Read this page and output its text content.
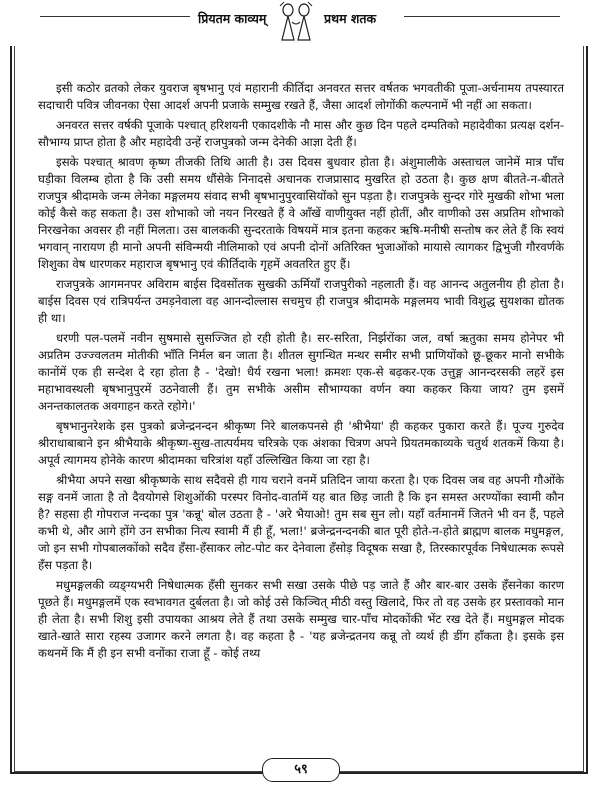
प्रियतम काव्यम्	प्रथम शतक

इसी कठोर व्रतको लेकर युवराज बृषभानु एवं महारानी कीर्तिदा अनवरत सत्तर वर्षतक भगवतीकी पूजा-अर्चनामय तपस्यारत सदाचारी पवित्र जीवनका ऐसा आदर्श अपनी प्रजाके सम्मुख रखते हैं, जैसा आदर्श लोगोंकी कल्पनामें भी नहीं आ सकता।

अनवरत सत्तर वर्षकी पूजाके पश्चात् हरिशयनी एकादशीके नौ मास और कुछ दिन पहले दम्पतिको महादेवीका प्रत्यक्ष दर्शन-सौभाग्य प्राप्त होता है और महादेवी उन्हें राजपुत्रको जन्म देनेकी आज्ञा देती हैं।

इसके पश्चात् श्रावण कृष्ण तीजकी तिथि आती है। उस दिवस बुधवार होता है। अंशुमालीके अस्ताचल जानेमें मात्र पाँच घड़ीका विलम्ब होता है कि उसी समय धौंसेके निनादसे अचानक राजप्रासाद मुखरित हो उठता है। कुछ क्षण बीतते-न-बीतते राजपुत्र श्रीदामके जन्म लेनेका मङ्गलमय संवाद सभी बृषभानुपुरवासियोंको सुन पड़ता है। राजपुत्रके सुन्दर गोरे मुखकी शोभा भला कोई कैसे कह सकता है। उस शोभाको जो नयन निरखते हैं वे आँखें वाणीयुक्त नहीं होतीं, और वाणीको उस अप्रतिम शोभाको निरखनेका अवसर ही नहीं मिलता। उस बालककी सुन्दरताके विषयमें मात्र इतना कहकर ऋषि-मनीषी सन्तोष कर लेते हैं कि स्वयं भगवान् नारायण ही मानो अपनी संविन्मयी नीलिमाको एवं अपनी दोनों अतिरिक्त भुजाओंको मायासे त्यागकर द्विभुजी गौरवर्णके शिशुका वेष धारणकर महाराज बृषभानु एवं कीर्तिदाके गृहमें अवतरित हुए हैं।

राजपुत्रके आगमनपर अविराम बाईस दिवसोंतक सुखकी ऊर्मियाँ राजपुरीको नहलाती हैं। वह आनन्द अतुलनीय ही होता है। बाईस दिवस एवं रात्रिपर्यन्त उमड़नेवाला वह आनन्दोल्लास सचमुच ही राजपुत्र श्रीदामके मङ्गलमय भावी विशुद्ध सुयशका द्योतक ही था।

धरणी पल-पलमें नवीन सुषमासे सुसज्जित हो रही होती है। सर-सरिता, निर्झरोंका जल, वर्षा ऋतुका समय होनेपर भी अप्रतिम उज्ज्वलतम मोतीकी भाँति निर्मल बन जाता है। शीतल सुगन्धित मन्थर समीर सभी प्राणियोंको छू-छूकर मानो सभीके कानोंमें एक ही सन्देश दे रहा होता है - 'देखो! धैर्य रखना भला! क्रमशः एक-से बढ़कर-एक उत्तुङ्ग आनन्दरसकी लहरें इस महाभावस्थली बृषभानुपुरमें उठनेवाली हैं। तुम सभीके असीम सौभाग्यका वर्णन क्या कहकर किया जाय? तुम इसमें अनन्तकालतक अवगाहन करते रहोगे।'

बृषभानुनरेशके इस पुत्रको ब्रजेन्द्रनन्दन श्रीकृष्ण निरे बालकपनसे ही 'श्रीभैया' ही कहकर पुकारा करते हैं। पूज्य गुरुदेव श्रीराधाबाबाने इन श्रीभैयाके श्रीकृष्ण-सुख-तात्पर्यमय चरित्रके एक अंशका चित्रण अपने प्रियतमकाव्यके चतुर्थ शतकमें किया है। अपूर्व त्यागमय होनेके कारण श्रीदामका चरित्रांश यहाँ उल्लिखित किया जा रहा है।

श्रीभैया अपने सखा श्रीकृष्णके साथ सदैवसे ही गाय चराने वनमें प्रतिदिन जाया करता है। एक दिवस जब वह अपनी गौओंके सङ्ग वनमें जाता है तो दैवयोगसे शिशुओंकी परस्पर विनोद-वार्तामें यह बात छिड़ जाती है कि इन समस्त अरण्योंका स्वामी कौन है? सहसा ही गोपराज नन्दका पुत्र 'कन्नू' बोल उठता है - 'अरे भैयाओ! तुम सब सुन लो। यहाँ वर्तमानमें जितने भी वन हैं, पहले कभी थे, और आगे होंगे उन सभीका नित्य स्वामी मैं ही हूँ, भला!' ब्रजेन्द्रनन्दनकी बात पूरी होते-न-होते ब्राह्मण बालक मधुमङ्गल, जो इन सभी गोपबालकोंको सदैव हँसा-हँसाकर लोट-पोट कर देनेवाला हँसोड़ विदूषक सखा है, तिरस्कारपूर्वक निषेधात्मक रूपसे हँस पड़ता है।

मधुमङ्गलकी व्यङ्ग्यभरी निषेधात्मक हँसी सुनकर सभी सखा उसके पीछे पड़ जाते हैं और बार-बार उसके हँसनेका कारण पूछते हैं। मधुमङ्गलमें एक स्वभावगत दुर्बलता है। जो कोई उसे किञ्चित् मीठी वस्तु खिलादे, फिर तो वह उसके हर प्रस्तावको मान ही लेता है। सभी शिशु इसी उपायका आश्रय लेते हैं तथा उसके सम्मुख चार-पाँच मोदकोंकी भेंट रख देते हैं। मधुमङ्गल मोदक खाते-खाते सारा रहस्य उजागर करने लगता है। वह कहता है - 'यह ब्रजेन्द्रतनय कन्नू तो व्यर्थ ही डींग हाँकता है। इसके इस कथनमें कि मैं ही इन सभी वनोंका राजा हूँ - कोई तथ्य

५९
